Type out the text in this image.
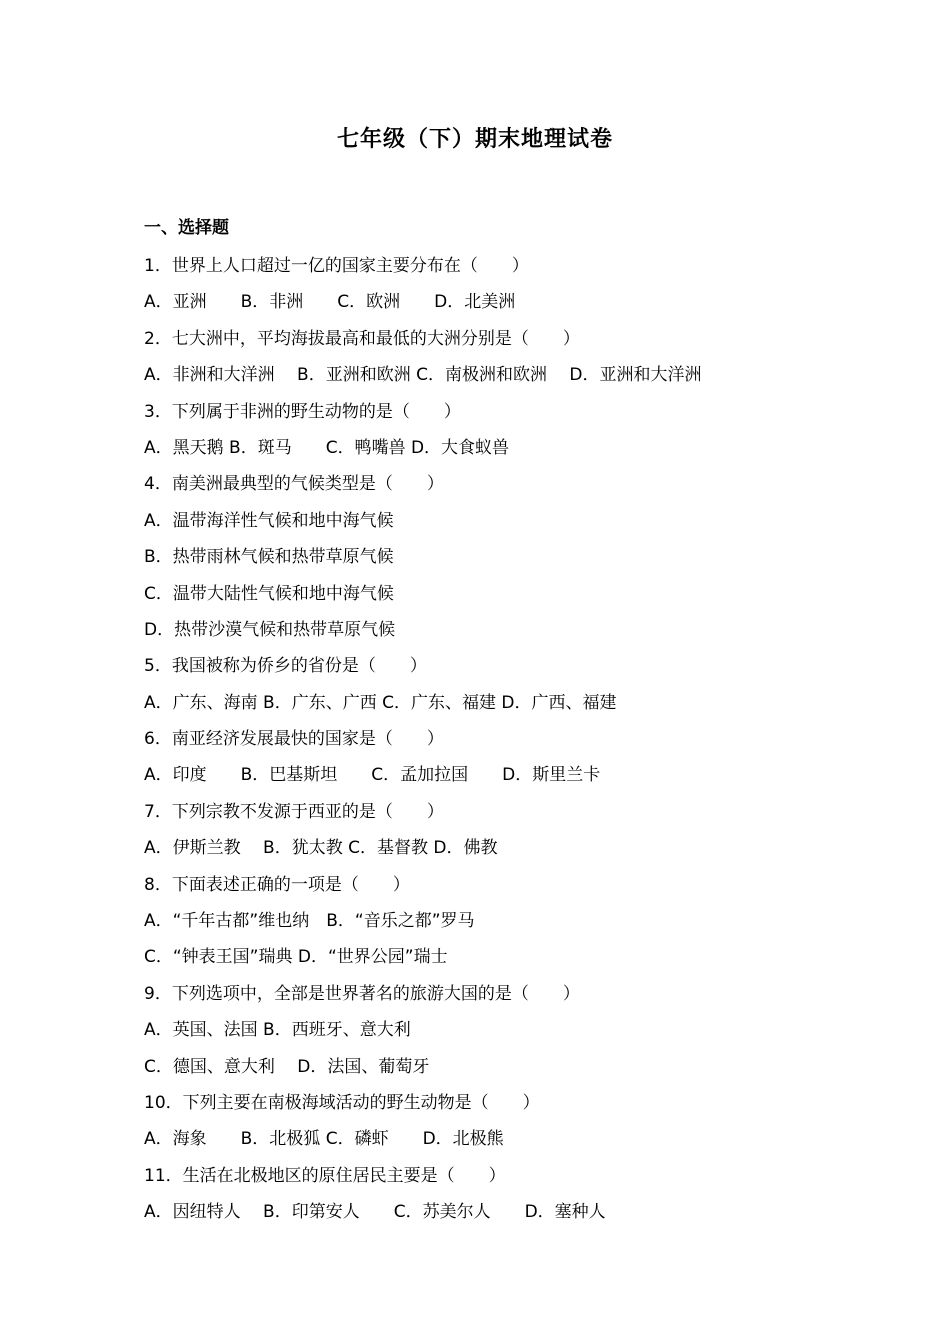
七年级（下）期末地理试卷
一、选择题
1．世界上人口超过一亿的国家主要分布在（　　）
A．亚洲　　B．非洲　　C．欧洲　　D．北美洲
2．七大洲中，平均海拔最高和最低的大洲分别是（　　）
A．非洲和大洋洲　 B．亚洲和欧洲 C．南极洲和欧洲　 D．亚洲和大洋洲
3．下列属于非洲的野生动物的是（　　）
A．黑天鹅 B．斑马　　C．鸭嘴兽 D．大食蚁兽
4．南美洲最典型的气候类型是（　　）
A．温带海洋性气候和地中海气候
B．热带雨林气候和热带草原气候
C．温带大陆性气候和地中海气候
D．热带沙漠气候和热带草原气候
5．我国被称为侨乡的省份是（　　）
A．广东、海南 B．广东、广西 C．广东、福建 D．广西、福建
6．南亚经济发展最快的国家是（　　）
A．印度　　B．巴基斯坦　　C．孟加拉国　　D．斯里兰卡
7．下列宗教不发源于西亚的是（　　）
A．伊斯兰教　 B．犹太教 C．基督教 D．佛教
8．下面表述正确的一项是（　　）
A．“千年古都”维也纳　B．“音乐之都”罗马
C．“钟表王国”瑞典 D．“世界公园”瑞士
9．下列选项中，全部是世界著名的旅游大国的是（　　）
A．英国、法国 B．西班牙、意大利
C．德国、意大利　 D．法国、葡萄牙
10．下列主要在南极海域活动的野生动物是（　　）
A．海象　　B．北极狐 C．磷虾　　D．北极熊
11．生活在北极地区的原住居民主要是（　　）
A．因纽特人　 B．印第安人　　C．苏美尔人　　D．塞种人
